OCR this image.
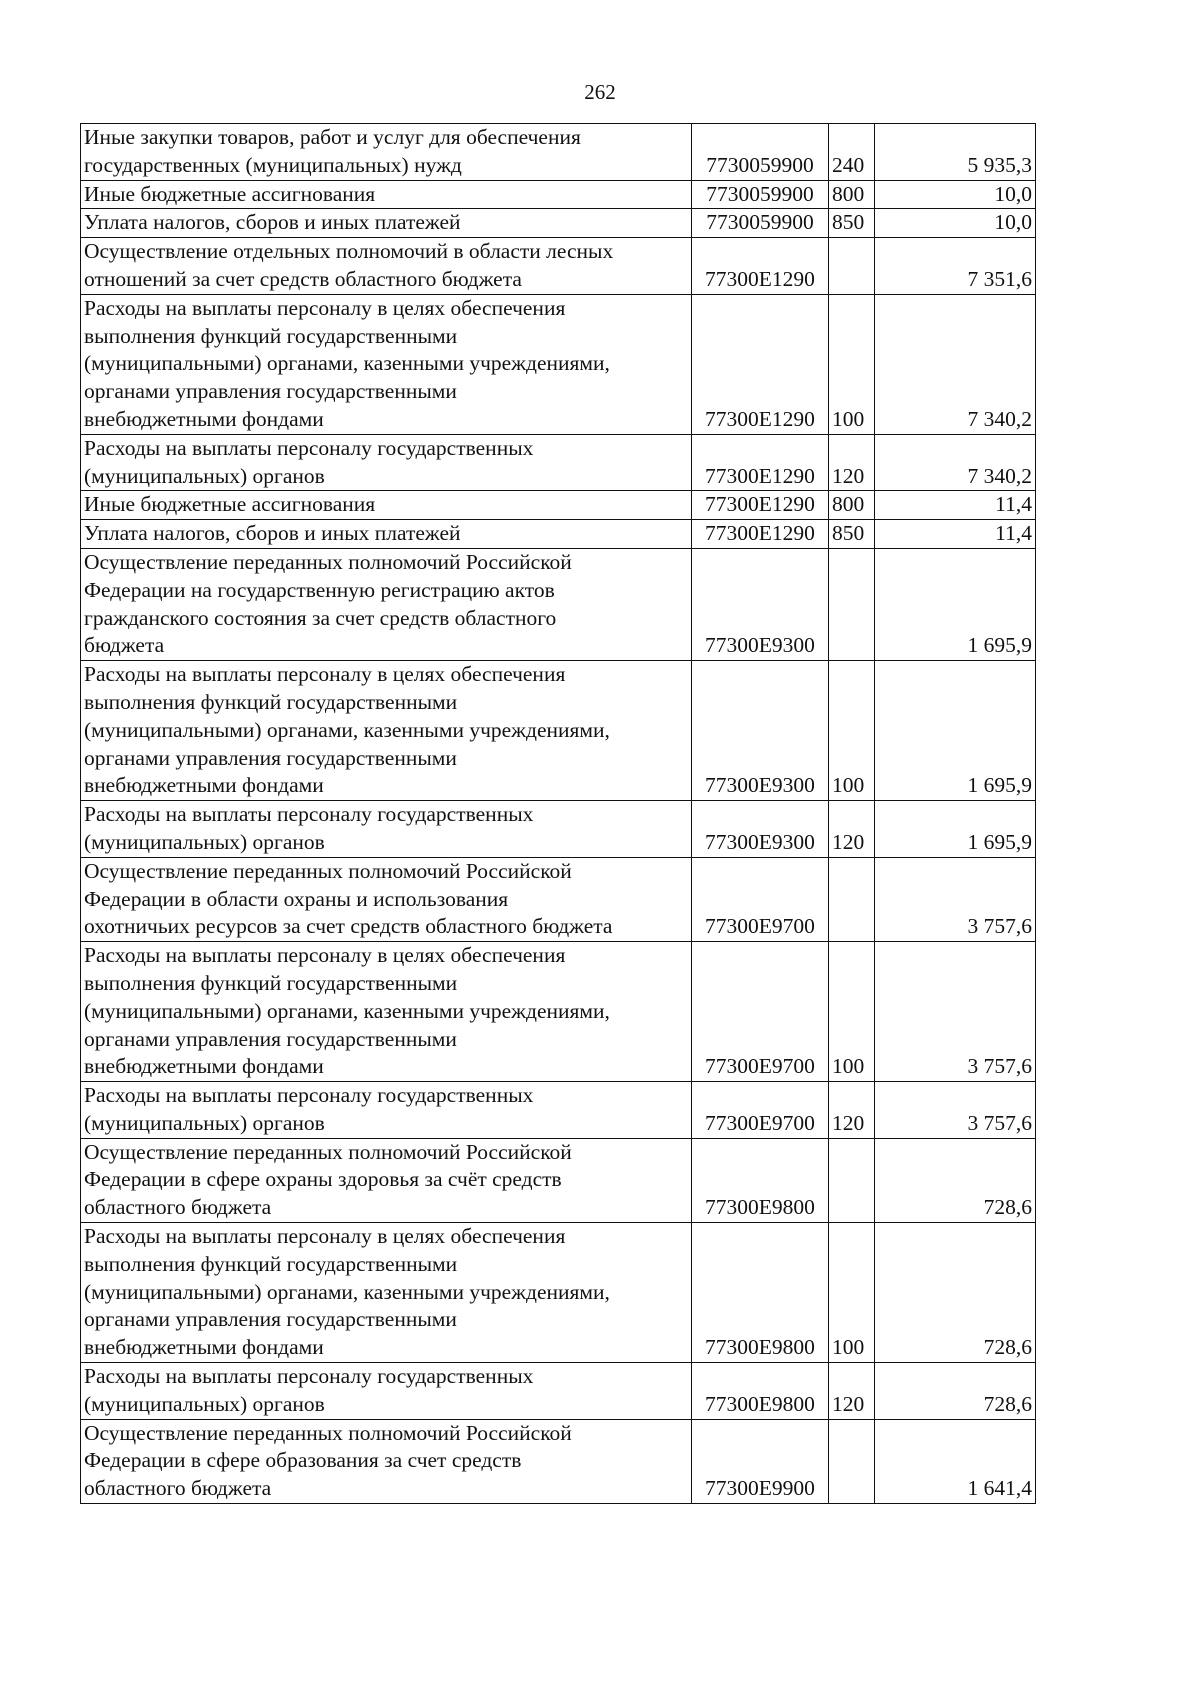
262
Иные закупки товаров, работ и услуг для обеспечения
государственных (муниципальных) нужд	7730059900	240	5 935,3
Иные бюджетные ассигнования	7730059900	800	10,0
Уплата налогов, сборов и иных платежей	7730059900	850	10,0
Осуществление отдельных полномочий в области лесных
отношений за счет средств областного бюджета	77300E1290		7 351,6
Расходы на выплаты персоналу в целях обеспечения
выполнения функций государственными
(муниципальными) органами, казенными учреждениями,
органами управления государственными
внебюджетными фондами	77300E1290	100	7 340,2
Расходы на выплаты персоналу государственных
(муниципальных) органов	77300E1290	120	7 340,2
Иные бюджетные ассигнования	77300E1290	800	11,4
Уплата налогов, сборов и иных платежей	77300E1290	850	11,4
Осуществление переданных полномочий Российской
Федерации на государственную регистрацию актов
гражданского состояния за счет средств областного
бюджета	77300E9300		1 695,9
Расходы на выплаты персоналу в целях обеспечения
выполнения функций государственными
(муниципальными) органами, казенными учреждениями,
органами управления государственными
внебюджетными фондами	77300E9300	100	1 695,9
Расходы на выплаты персоналу государственных
(муниципальных) органов	77300E9300	120	1 695,9
Осуществление переданных полномочий Российской
Федерации в области охраны и использования
охотничьих ресурсов за счет средств областного бюджета	77300E9700		3 757,6
Расходы на выплаты персоналу в целях обеспечения
выполнения функций государственными
(муниципальными) органами, казенными учреждениями,
органами управления государственными
внебюджетными фондами	77300E9700	100	3 757,6
Расходы на выплаты персоналу государственных
(муниципальных) органов	77300E9700	120	3 757,6
Осуществление переданных полномочий Российской
Федерации в сфере охраны здоровья за счёт средств
областного бюджета	77300E9800		728,6
Расходы на выплаты персоналу в целях обеспечения
выполнения функций государственными
(муниципальными) органами, казенными учреждениями,
органами управления государственными
внебюджетными фондами	77300E9800	100	728,6
Расходы на выплаты персоналу государственных
(муниципальных) органов	77300E9800	120	728,6
Осуществление переданных полномочий Российской
Федерации в сфере образования за счет средств
областного бюджета	77300E9900		1 641,4
